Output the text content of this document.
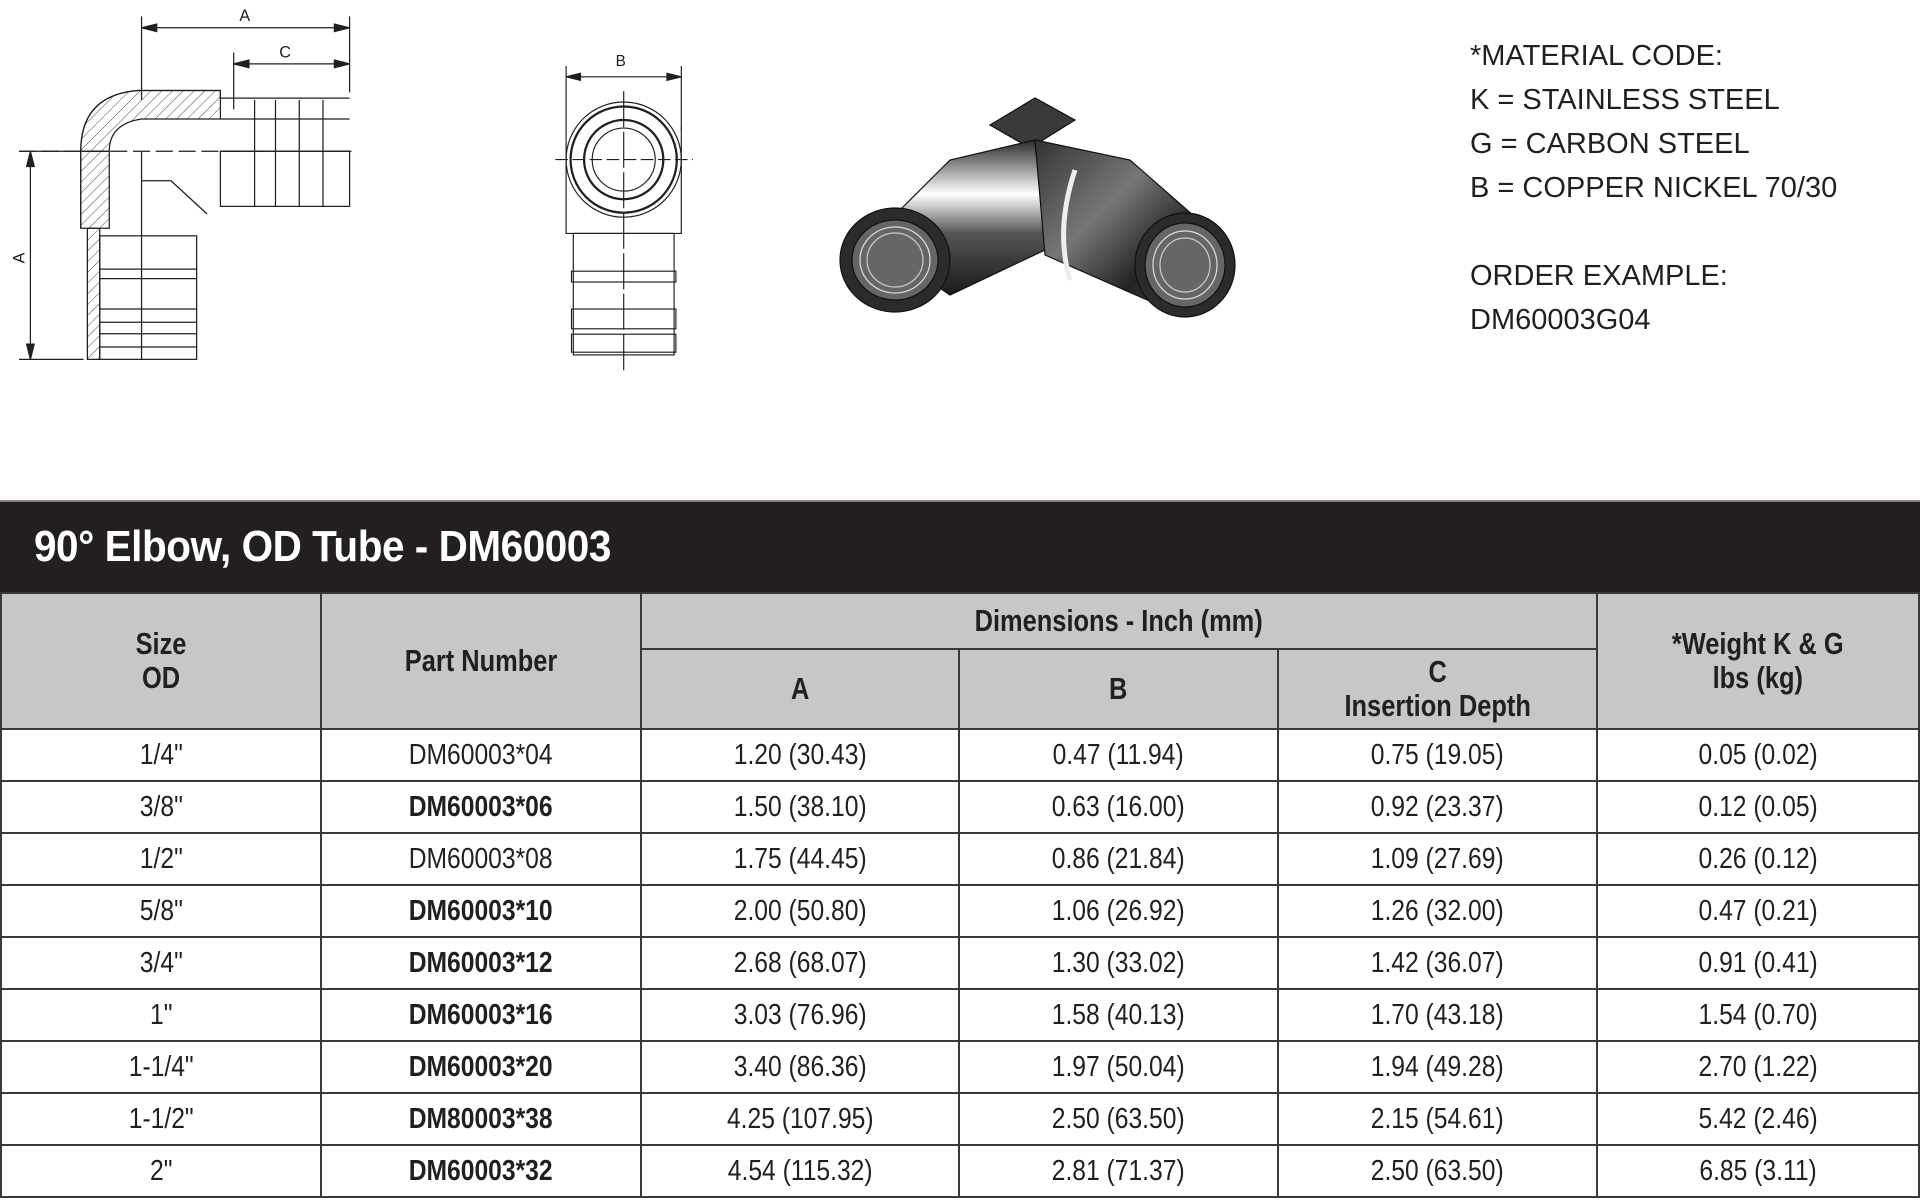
A
C
A
B	*MATERIAL CODE:
K = STAINLESS STEEL
G = CARBON STEEL
B = COPPER NICKEL 70/30
ORDER EXAMPLE:
DM60003G04
90° Elbow, OD Tube - DM60003
Size
OD	Part Number	Dimensions - Inch (mm)			*Weight K & G
lbs (kg)
		A	B	C
Insertion Depth	
1/4"	DM60003*04	1.20 (30.43)	0.47 (11.94)	0.75 (19.05)	0.05 (0.02)
3/8"	DM60003*06	1.50 (38.10)	0.63 (16.00)	0.92 (23.37)	0.12 (0.05)
1/2"	DM60003*08	1.75 (44.45)	0.86 (21.84)	1.09 (27.69)	0.26 (0.12)
5/8"	DM60003*10	2.00 (50.80)	1.06 (26.92)	1.26 (32.00)	0.47 (0.21)
3/4"	DM60003*12	2.68 (68.07)	1.30 (33.02)	1.42 (36.07)	0.91 (0.41)
1"	DM60003*16	3.03 (76.96)	1.58 (40.13)	1.70 (43.18)	1.54 (0.70)
1-1/4"	DM60003*20	3.40 (86.36)	1.97 (50.04)	1.94 (49.28)	2.70 (1.22)
1-1/2"	DM80003*38	4.25 (107.95)	2.50 (63.50)	2.15 (54.61)	5.42 (2.46)
2"	DM60003*32	4.54 (115.32)	2.81 (71.37)	2.50 (63.50)	6.85 (3.11)
